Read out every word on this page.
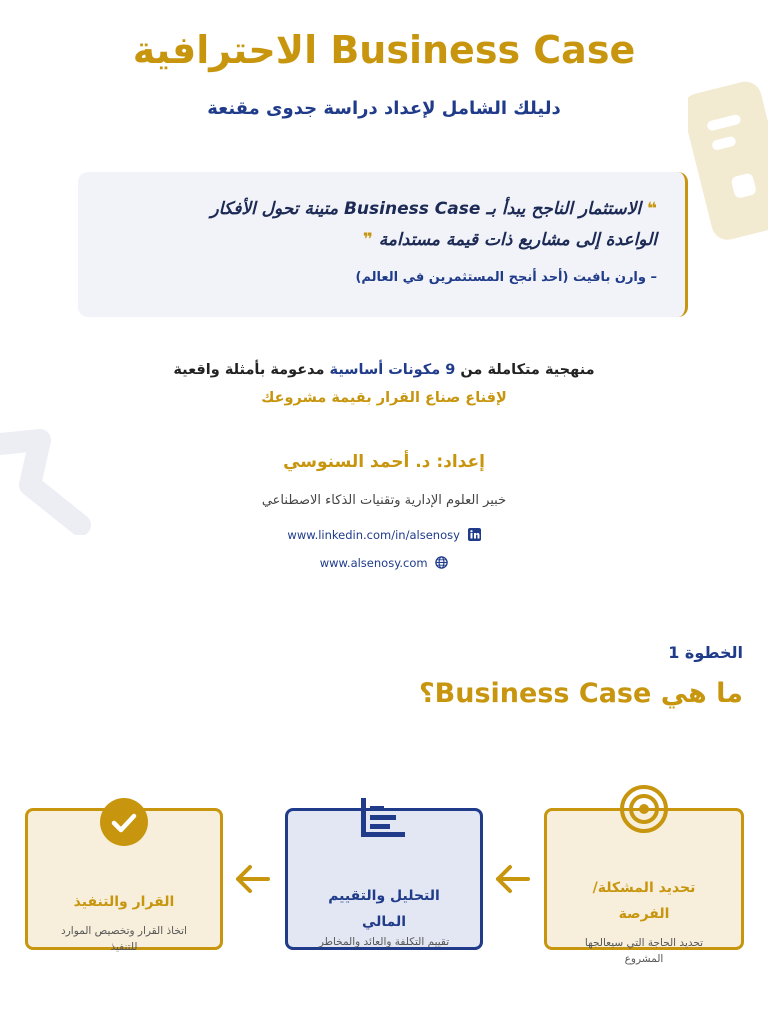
Business Case الاحترافية
دليلك الشامل لإعداد دراسة جدوى مقنعة

❝ الاستثمار الناجح يبدأ بـ Business Case متينة تحول الأفكار
الواعدة إلى مشاريع ذات قيمة مستدامة ❞

– وارن بافيت (أحد أنجح المستثمرين في العالم)
منهجية متكاملة من 9 مكونات أساسية مدعومة بأمثلة واقعية
لإقناع صناع القرار بقيمة مشروعك
إعداد: د. أحمد السنوسي
خبير العلوم الإدارية وتقنيات الذكاء الاصطناعي
www.linkedin.com/in/alsenosy
www.alsenosy.com
الخطوة 1
ما هي Business Case؟

تحديد المشكلة/
الفرصة

تحديد الحاجة التي سيعالجها
المشروع

التحليل والتقييم
المالي

تقييم التكلفة والعائد والمخاطر

القرار والتنفيذ

اتخاذ القرار وتخصيص الموارد
للتنفيذ
